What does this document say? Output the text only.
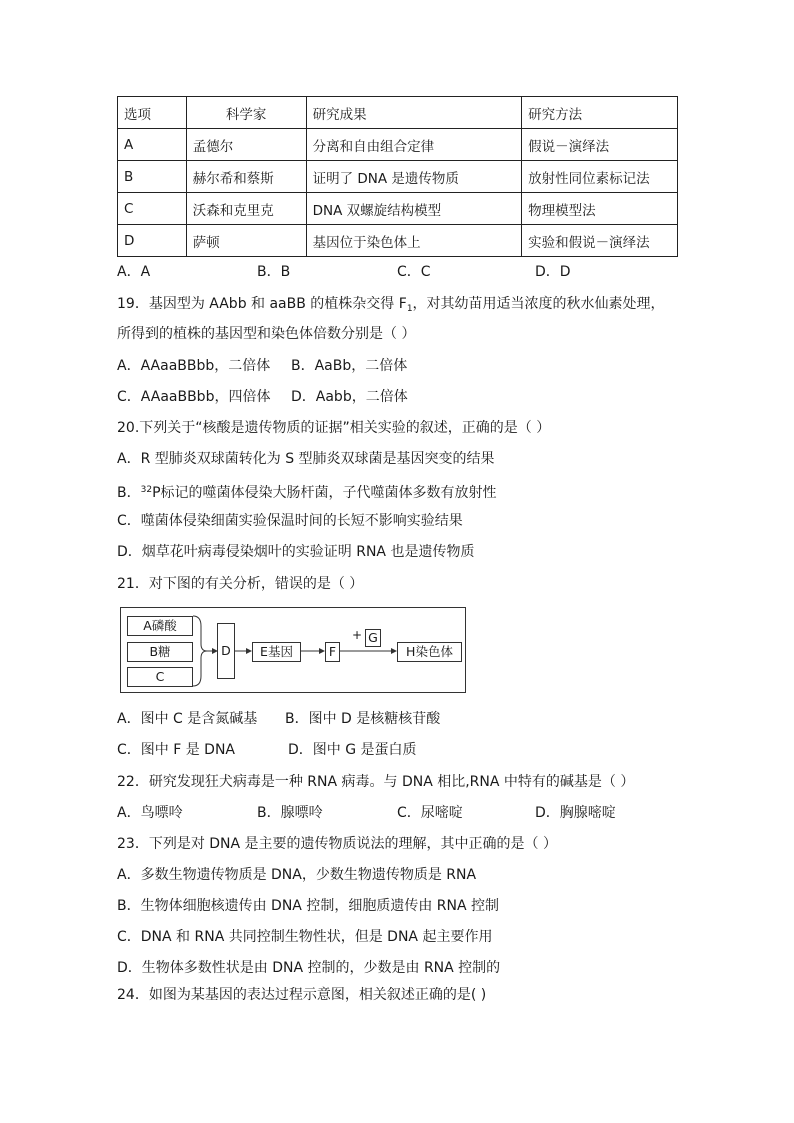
选项	科学家	研究成果	研究方法
A	孟德尔	分离和自由组合定律	假说－演绎法
B	赫尔希和蔡斯	证明了 DNA 是遗传物质	放射性同位素标记法
C	沃森和克里克	DNA 双螺旋结构模型	物理模型法
D	萨顿	基因位于染色体上	实验和假说－演绎法
A．A	B．B	C．C	D．D
19．基因型为 AAbb 和 aaBB 的植株杂交得 $F_1$，对其幼苗用适当浓度的秋水仙素处理，
所得到的植株的基因型和染色体倍数分别是（ ）
A．AAaaBBbb，二倍体 B．AaBb，二倍体
C．AAaaBBbb，四倍体 D．Aabb，二倍体
20.下列关于“核酸是遗传物质的证据”相关实验的叙述，正确的是（ ）
A．R 型肺炎双球菌转化为 S 型肺炎双球菌是基因突变的结果
B．$^{32}$P标记的噬菌体侵染大肠杆菌，子代噬菌体多数有放射性
C．噬菌体侵染细菌实验保温时间的长短不影响实验结果
D．烟草花叶病毒侵染烟叶的实验证明 RNA 也是遗传物质
21．对下图的有关分析，错误的是（ ）
A磷酸
B糖
C
D	E基因	F
+ G
H染色体
A．图中 C 是含氮碱基 B．图中 D 是核糖核苷酸
C．图中 F 是 DNA	D．图中 G 是蛋白质
22．研究发现狂犬病毒是一种 RNA 病毒。与 DNA 相比,RNA 中特有的碱基是（ ）
A．鸟嘌呤	B．腺嘌呤	C．尿嘧啶	D．胸腺嘧啶
23．下列是对 DNA 是主要的遗传物质说法的理解，其中正确的是（ ）
A．多数生物遗传物质是 DNA，少数生物遗传物质是 RNA
B．生物体细胞核遗传由 DNA 控制，细胞质遗传由 RNA 控制
C．DNA 和 RNA 共同控制生物性状，但是 DNA 起主要作用
D．生物体多数性状是由 DNA 控制的，少数是由 RNA 控制的
24．如图为某基因的表达过程示意图，相关叙述正确的是( )
